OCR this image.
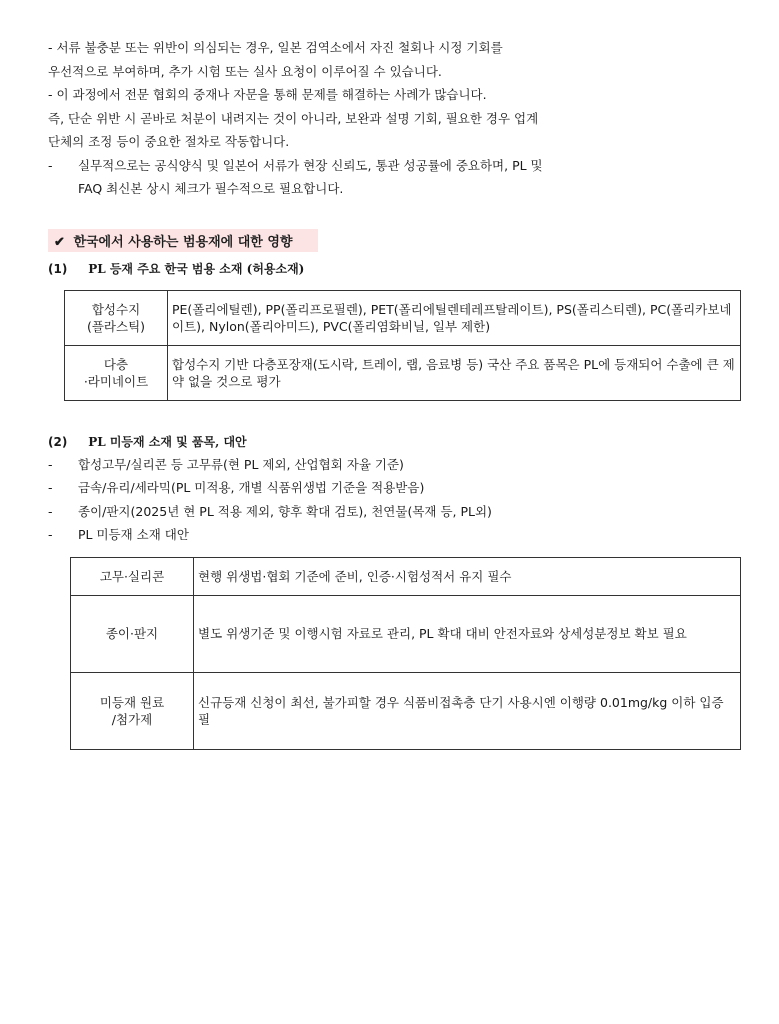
- 서류 불충분 또는 위반이 의심되는 경우, 일본 검역소에서 자진 철회나 시정 기회를
우선적으로 부여하며, 추가 시험 또는 실사 요청이 이루어질 수 있습니다.
- 이 과정에서 전문 협회의 중재나 자문을 통해 문제를 해결하는 사례가 많습니다.
즉, 단순 위반 시 곧바로 처분이 내려지는 것이 아니라, 보완과 설명 기회, 필요한 경우 업계
단체의 조정 등이 중요한 절차로 작동합니다.
-	실무적으로는 공식양식 및 일본어 서류가 현장 신뢰도, 통관 성공률에 중요하며, PL 및
FAQ 최신본 상시 체크가 필수적으로 필요합니다.
✔ 한국에서 사용하는 범용재에 대한 영향
(1) PL 등재 주요 한국 범용 소재 (허용소재)
합성수지
(플라스틱)	PE(폴리에틸렌), PP(폴리프로필렌), PET(폴리에틸렌테레프탈레이트), PS(폴리스티렌), PC(폴리카보네이트), Nylon(폴리아미드), PVC(폴리염화비닐, 일부 제한)

다층
·라미네이트	합성수지 기반 다층포장재(도시락, 트레이, 랩, 음료병 등) 국산 주요 품목은 PL에 등재되어 수출에 큰 제약 없을 것으로 평가
(2) PL 미등재 소재 및 품목, 대안
-	합성고무/실리콘 등 고무류(현 PL 제외, 산업협회 자율 기준)
-	금속/유리/세라믹(PL 미적용, 개별 식품위생법 기준을 적용받음)
-	종이/판지(2025년 현 PL 적용 제외, 향후 확대 검토), 천연물(목재 등, PL외)
-	PL 미등재 소재 대안
고무·실리콘	현행 위생법·협회 기준에 준비, 인증·시험성적서 유지 필수

종이·판지	별도 위생기준 및 이행시험 자료로 관리, PL 확대 대비 안전자료와 상세성분정보 확보 필요

미등재 원료
/첨가제	신규등재 신청이 최선, 불가피할 경우 식품비접촉층 단기 사용시엔 이행량 0.01mg/kg 이하 입증 필
